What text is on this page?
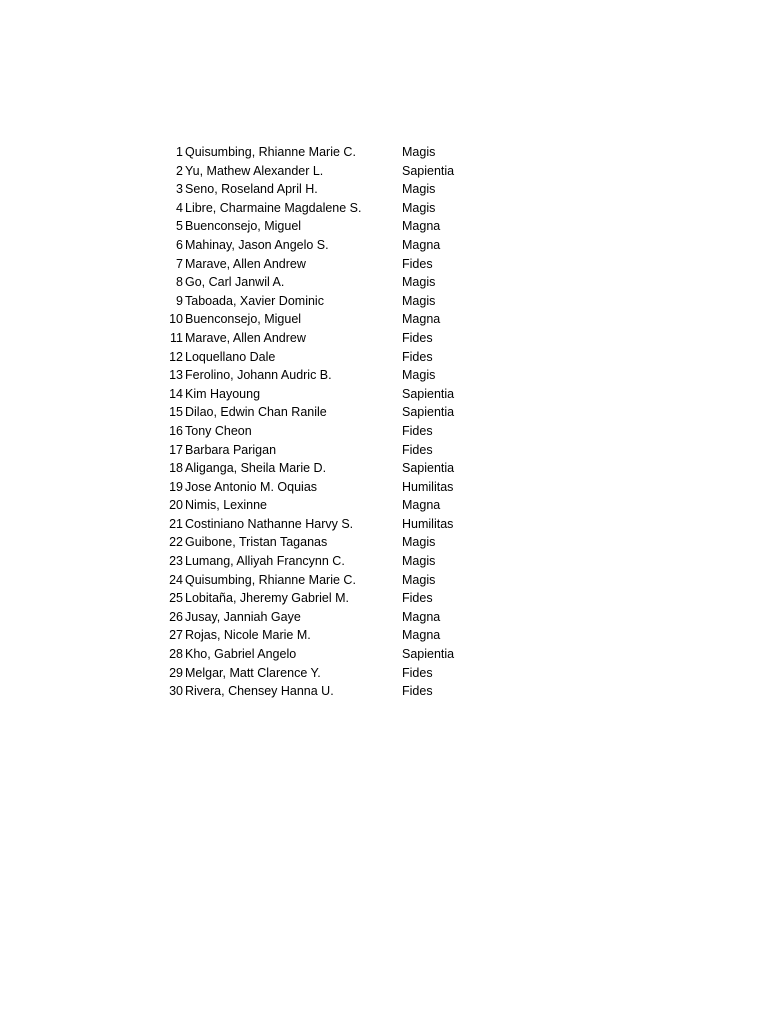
1 Quisumbing, Rhianne Marie C.	Magis
2 Yu, Mathew Alexander L.	Sapientia
3 Seno, Roseland April H.	Magis
4 Libre, Charmaine Magdalene S.	Magis
5 Buenconsejo, Miguel	Magna
6 Mahinay, Jason Angelo S.	Magna
7 Marave, Allen Andrew	Fides
8 Go, Carl Janwil A.	Magis
9 Taboada, Xavier Dominic	Magis
10 Buenconsejo, Miguel	Magna
11 Marave, Allen Andrew	Fides
12 Loquellano Dale	Fides
13 Ferolino, Johann Audric B.	Magis
14 Kim Hayoung	Sapientia
15 Dilao, Edwin Chan Ranile	Sapientia
16 Tony Cheon	Fides
17 Barbara Parigan	Fides
18 Aliganga, Sheila Marie D.	Sapientia
19 Jose Antonio M. Oquias	Humilitas
20 Nimis, Lexinne	Magna
21 Costiniano Nathanne Harvy S.	Humilitas
22 Guibone, Tristan Taganas	Magis
23 Lumang, Alliyah Francynn C.	Magis
24 Quisumbing, Rhianne Marie C.	Magis
25 Lobitaña, Jheremy Gabriel M.	Fides
26 Jusay, Janniah Gaye	Magna
27 Rojas, Nicole Marie M.	Magna
28 Kho, Gabriel Angelo	Sapientia
29 Melgar, Matt Clarence Y.	Fides
30 Rivera, Chensey Hanna U.	Fides
